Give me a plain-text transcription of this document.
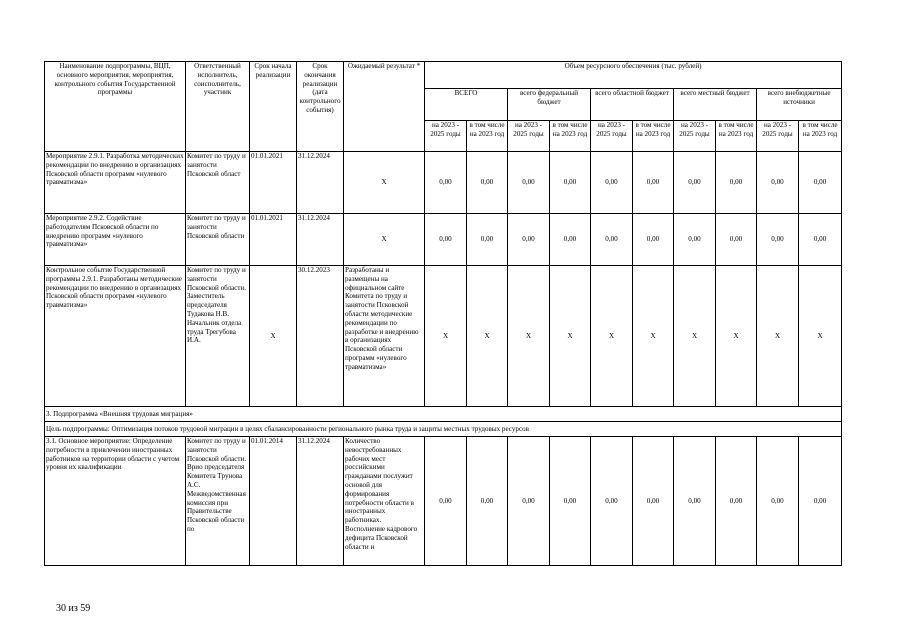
Наименование подпрограммы, ВЦП, основного мероприятия, мероприятия, контрольного события Государственной программы	Ответственный исполнитель, соисполнитель, участник	Срок начала реализации	Срок окончания реализации (дата контрольного события)	Ожидаемый результат *	Объем ресурсного обеспечения (тыс. рублей)									
					ВСЕГО		всего федеральный бюджет		всего областной бюджет		всего местный бюджет		всего внебюджетные источники	
					на 2023 - 2025 годы	в том числе на 2023 год	на 2023 - 2025 годы	в том числе на 2023 год	на 2023 - 2025 годы	в том числе на 2023 год	на 2023 - 2025 годы	в том числе на 2023 год	на 2023 - 2025 годы	в том числе на 2023 год
Мероприятие 2.9.1. Разработка методических рекомендации по внедрению в организациях Псковской области программ «нулевого травматизма»	Комитет по труду и занятости Псковской област	01.01.2021	31.12.2024	X	0,00	0,00	0,00	0,00	0,00	0,00	0,00	0,00	0,00	0,00
Мероприятие 2.9.2. Содействие работодателям Псковской области по внедрению программ «нулевого травматизма»	Комитет по труду и занятости Псковской области	01.01.2021	31.12.2024	X	0,00	0,00	0,00	0,00	0,00	0,00	0,00	0,00	0,00	0,00
Контрольное событие Государственной программы 2.9.1. Разработаны методические рекомендации по внедрению в организациях Псковской области программ «нулевого травматизма»	Комитет по труду и занятости Псковской области. Заместитель председателя Тудакова Н.В. Начальник отдела труда Трегубова И.А.	X	30.12.2023	Разработаны и размещены на официальном сайте Комитета по труду и занятости Псковской области методические рекомендации по разработке и внедрению в организациях Псковской области программ «нулевого травматизма»	X	X	X	X	X	X	X	X	X	X
3. Подпрограмма «Внешняя трудовая миграция»														
Цель подпрограммы: Оптимизация потоков трудовой миграции в целях сбалансированности регионального рынка труда и защиты местных трудовых ресурсов														
3.1. Основное мероприятие: Определение потребности в привлечении иностранных работников на территории области с учетом уровня их квалификации	Комитет по труду и занятости Псковской области. Врио председателя Комитета Трунова А.С. Межведомственная комиссия при Правительстве Псковской области по	01.01.2014	31.12.2024	Количество невостребованных рабочих мест российскими гражданами послужит основой для формирования потребности области в иностранных работниках. Восполнение кадрового дефицита Псковской области и	0,00	0,00	0,00	0,00	0,00	0,00	0,00	0,00	0,00	0,00
30 из 59
